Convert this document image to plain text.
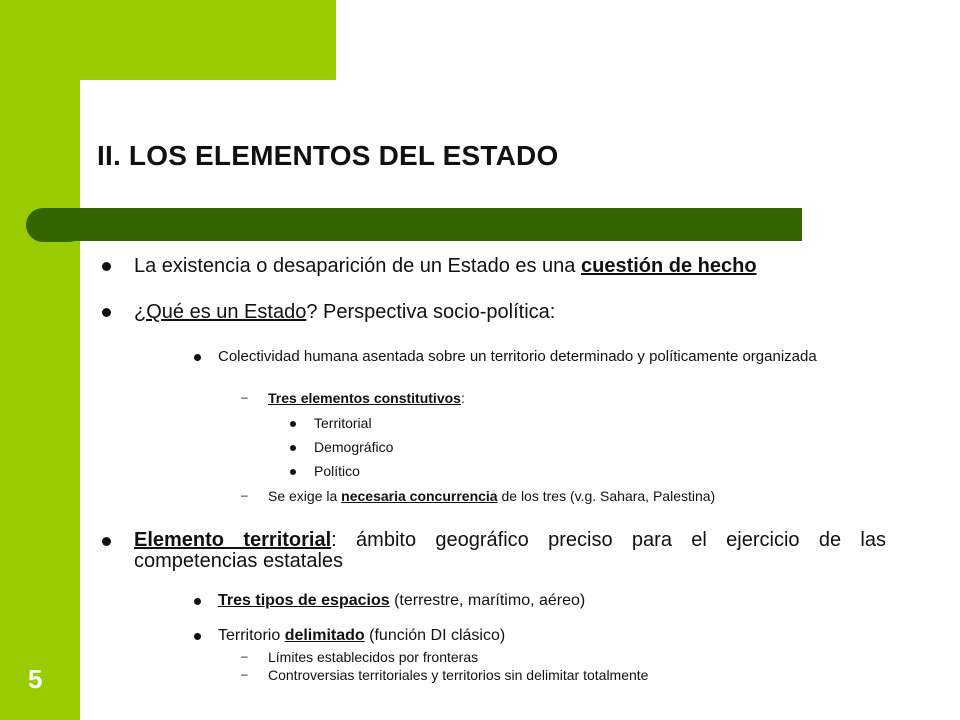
II. LOS ELEMENTOS DEL ESTADO
5

La existencia o desaparición de un Estado es una cuestión de hecho

¿Qué es un Estado? Perspectiva socio-política:

Colectividad humana asentada sobre un territorio determinado y políticamente organizada

– Tres elementos constitutivos:

Territorial

Demográfico

Político

– Se exige la necesaria concurrencia de los tres (v.g. Sahara, Palestina)

Elemento territorial: ámbito geográfico preciso para el ejercicio de las competencias estatales

Tres tipos de espacios (terrestre, marítimo, aéreo)

Territorio delimitado (función DI clásico)

– Límites establecidos por fronteras

– Controversias territoriales y territorios sin delimitar totalmente
